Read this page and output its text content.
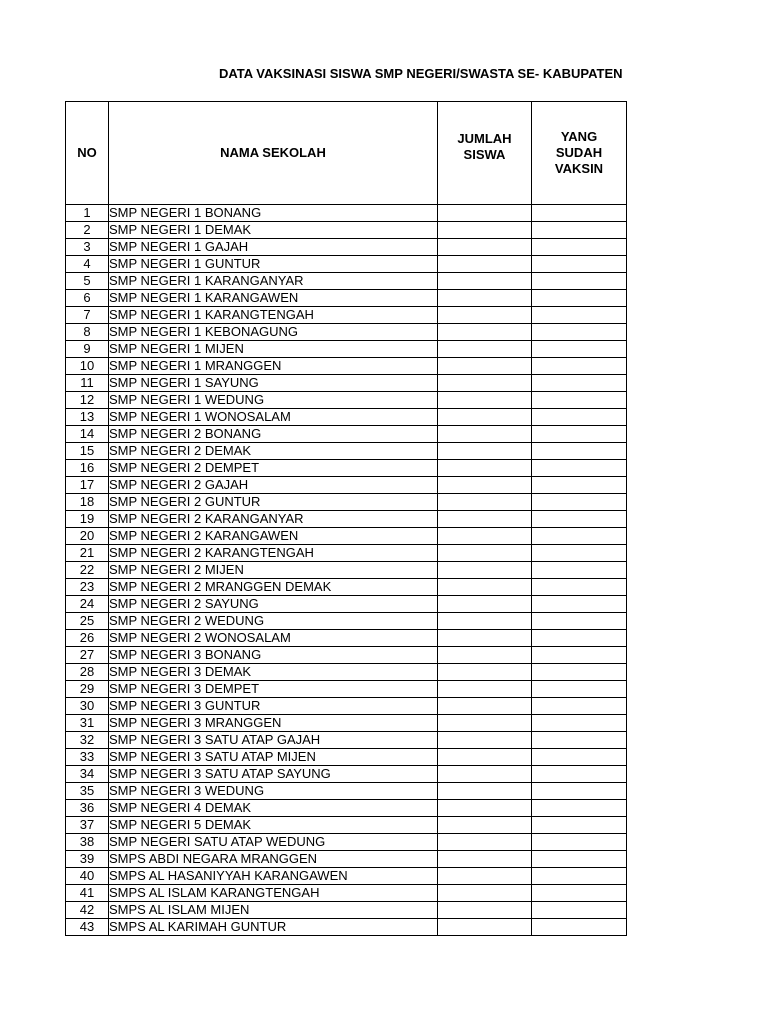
DATA VAKSINASI SISWA SMP NEGERI/SWASTA SE- KABUPATEN
NO	NAMA SEKOLAH	JUMLAH SISWA	YANG SUDAH VAKSIN

1	SMP NEGERI 1 BONANG		
2	SMP NEGERI 1 DEMAK		
3	SMP NEGERI 1 GAJAH		
4	SMP NEGERI 1 GUNTUR		
5	SMP NEGERI 1 KARANGANYAR		
6	SMP NEGERI 1 KARANGAWEN		
7	SMP NEGERI 1 KARANGTENGAH		
8	SMP NEGERI 1 KEBONAGUNG		
9	SMP NEGERI 1 MIJEN		
10	SMP NEGERI 1 MRANGGEN		
11	SMP NEGERI 1 SAYUNG		
12	SMP NEGERI 1 WEDUNG		
13	SMP NEGERI 1 WONOSALAM		
14	SMP NEGERI 2 BONANG		
15	SMP NEGERI 2 DEMAK		
16	SMP NEGERI 2 DEMPET		
17	SMP NEGERI 2 GAJAH		
18	SMP NEGERI 2 GUNTUR		
19	SMP NEGERI 2 KARANGANYAR		
20	SMP NEGERI 2 KARANGAWEN		
21	SMP NEGERI 2 KARANGTENGAH		
22	SMP NEGERI 2 MIJEN		
23	SMP NEGERI 2 MRANGGEN DEMAK		
24	SMP NEGERI 2 SAYUNG		
25	SMP NEGERI 2 WEDUNG		
26	SMP NEGERI 2 WONOSALAM		
27	SMP NEGERI 3 BONANG		
28	SMP NEGERI 3 DEMAK		
29	SMP NEGERI 3 DEMPET		
30	SMP NEGERI 3 GUNTUR		
31	SMP NEGERI 3 MRANGGEN		
32	SMP NEGERI 3 SATU ATAP GAJAH		
33	SMP NEGERI 3 SATU ATAP MIJEN		
34	SMP NEGERI 3 SATU ATAP SAYUNG		
35	SMP NEGERI 3 WEDUNG		
36	SMP NEGERI 4 DEMAK		
37	SMP NEGERI 5 DEMAK		
38	SMP NEGERI SATU ATAP WEDUNG		
39	SMPS ABDI NEGARA MRANGGEN		
40	SMPS AL HASANIYYAH KARANGAWEN		
41	SMPS AL ISLAM KARANGTENGAH		
42	SMPS AL ISLAM MIJEN		
43	SMPS AL KARIMAH GUNTUR		
